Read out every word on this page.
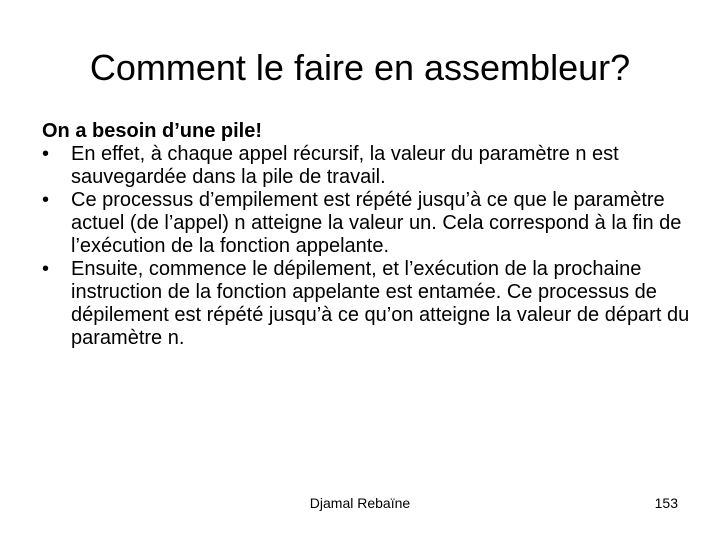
Comment le faire en assembleur?

On a besoin d’une pile!

• En effet, à chaque appel récursif, la valeur du paramètre n est sauvegardée dans la pile de travail.
• Ce processus d’empilement est répété jusqu’à ce que le paramètre actuel (de l’appel) n atteigne la valeur un. Cela correspond à la fin de l’exécution de la fonction appelante.
• Ensuite, commence le dépilement, et l’exécution de la prochaine instruction de la fonction appelante est entamée. Ce processus de dépilement est répété jusqu’à ce qu’on atteigne la valeur de départ du paramètre n.
Djamal Rebaïne	153
